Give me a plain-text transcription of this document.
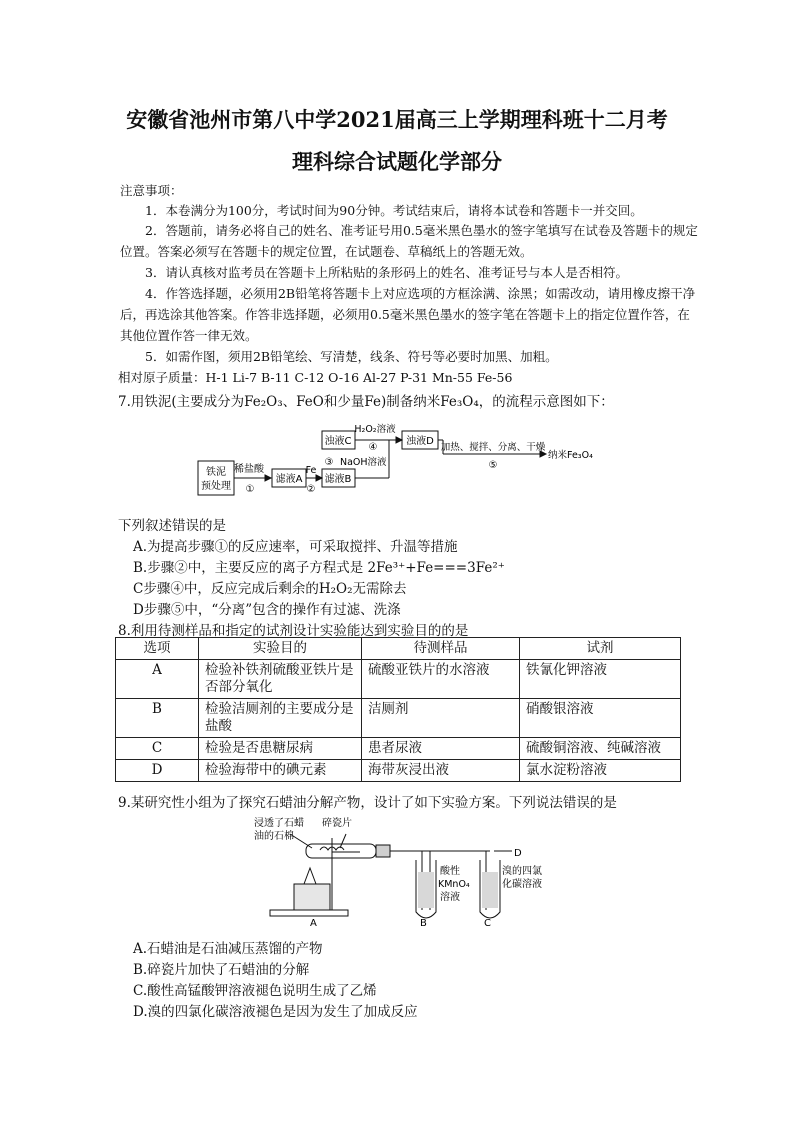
安徽省池州市第八中学2021届高三上学期理科班十二月考
理科综合试题化学部分
注意事项：
1．本卷满分为100分，考试时间为90分钟。考试结束后，请将本试卷和答题卡一并交回。
2．答题前，请务必将自己的姓名、准考证号用0.5毫米黑色墨水的签字笔填写在试卷及答题卡的规定
位置。答案必须写在答题卡的规定位置，在试题卷、草稿纸上的答题无效。
3．请认真核对监考员在答题卡上所粘贴的条形码上的姓名、准考证号与本人是否相符。
4．作答选择题，必须用2B铅笔将答题卡上对应选项的方框涂满、涂黑；如需改动，请用橡皮擦干净
后，再选涂其他答案。作答非选择题，必须用0.5毫米黑色墨水的签字笔在答题卡上的指定位置作答，在
其他位置作答一律无效。
5．如需作图，须用2B铅笔绘、写清楚，线条、符号等必要时加黑、加粗。
相对原子质量：H-1 Li-7 B-11 C-12 O-16 Al-27 P-31 Mn-55 Fe-56
7.用铁泥(主要成分为Fe₂O₃、FeO和少量Fe)制备纳米Fe₃O₄，的流程示意图如下：
铁泥
预处理
稀盐酸
①
滤液A
Fe
②
浊液C
H₂O₂溶液
④
③ NaOH溶液
滤液B
浊液D
加热、搅拌、分离、干燥
⑤
纳米Fe₃O₄
下列叙述错误的是
A.为提高步骤①的反应速率，可采取搅拌、升温等措施
B.步骤②中，主要反应的离子方程式是 2Fe³⁺+Fe===3Fe²⁺
C步骤④中，反应完成后剩余的H₂O₂无需除去
D步骤⑤中，“分离”包含的操作有过滤、洗涤
8.利用待测样品和指定的试剂设计实验能达到实验目的的是
选项	实验目的	待测样品	试剂
A	检验补铁剂硫酸亚铁片是否部分氧化	硫酸亚铁片的水溶液	铁氰化钾溶液
B	检验洁厕剂的主要成分是盐酸	洁厕剂	硝酸银溶液
C	检验是否患糖尿病	患者尿液	硫酸铜溶液、纯碱溶液
D	检验海带中的碘元素	海带灰浸出液	氯水淀粉溶液
9.某研究性小组为了探究石蜡油分解产物，设计了如下实验方案。下列说法错误的是
浸透了石蜡
油的石棉
碎瓷片
酸性
KMnO₄
溶液
溴的四氯
化碳溶液
A	B	C
D
A.石蜡油是石油减压蒸馏的产物
B.碎瓷片加快了石蜡油的分解
C.酸性高锰酸钾溶液褪色说明生成了乙烯
D.溴的四氯化碳溶液褪色是因为发生了加成反应
